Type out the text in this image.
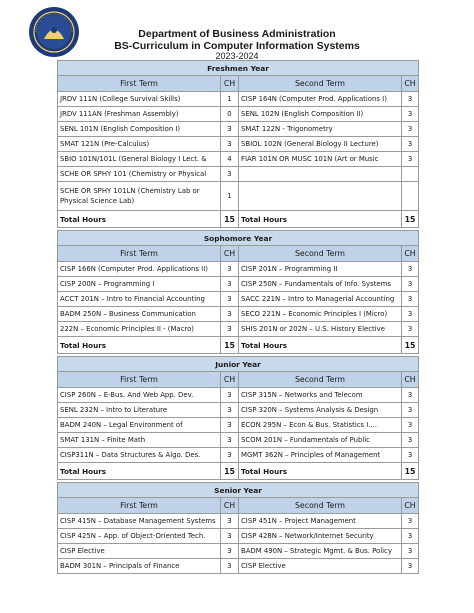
Department of Business Administration
BS-Curriculum in Computer Information Systems
2023-2024
Freshmen Year			
First Term	CH	Second Term	CH
JRDV 111N (College Survival Skills)	1	CISP 164N (Computer Prod. Applications I)	3
JRDV 111AN (Freshman Assembly)	0	SENL 102N (English Composition II)	3
SENL 101N (English Composition I)	3	SMAT 122N - Trigonometry	3
SMAT 121N (Pre-Calculus)	3	SBIOL 102N (General Biology II Lecture)	3
SBIO 101N/101L (General Biology I Lect. &	4	FIAR 101N OR MUSC 101N (Art or Music	3
SCHE OR SPHY 101 (Chemistry or Physical	3		
SCHE OR SPHY 101LN (Chemistry Lab or Physical Science Lab)	1		
Total Hours	15	Total Hours	15

Sophomore Year			
First Term	CH	Second Term	CH
CISP 166N (Computer Prod. Applications II)	3	CISP 201N – Programming II	3
CISP 200N – Programming I	3	CISP 250N – Fundamentals of Info. Systems	3
ACCT 201N – Intro to Financial Accounting	3	SACC 221N – Intro to Managerial Accounting	3
BADM 250N – Business Communication	3	SECO 221N – Economic Principles I (Micro)	3
222N – Economic Principles II - (Macro)	3	SHIS 201N or 202N – U.S. History Elective	3
Total Hours	15	Total Hours	15

Junior Year			
First Term	CH	Second Term	CH
CISP 260N – E-Bus. And Web App. Dev.	3	CISP 315N – Networks and Telecom	3
SENL 232N – Intro to Literature	3	CISP 320N – Systems Analysis & Design	3
BADM 240N – Legal Environment of	3	ECON 295N – Econ & Bus. Statistics I....	3
SMAT 131N – Finite Math	3	SCOM 201N – Fundamentals of Public	3
CISP311N – Data Structures & Algo. Des.	3	MGMT 362N – Principles of Management	3
Total Hours	15	Total Hours	15

Senior Year			
First Term	CH	Second Term	CH
CISP 415N – Database Management Systems	3	CISP 451N – Project Management	3
CISP 425N – App. of Object-Oriented Tech.	3	CISP 428N – Network/Internet Security	3
CISP Elective	3	BADM 490N – Strategic Mgmt. & Bus. Policy	3
BADM 301N – Principals of Finance	3	CISP Elective	3
